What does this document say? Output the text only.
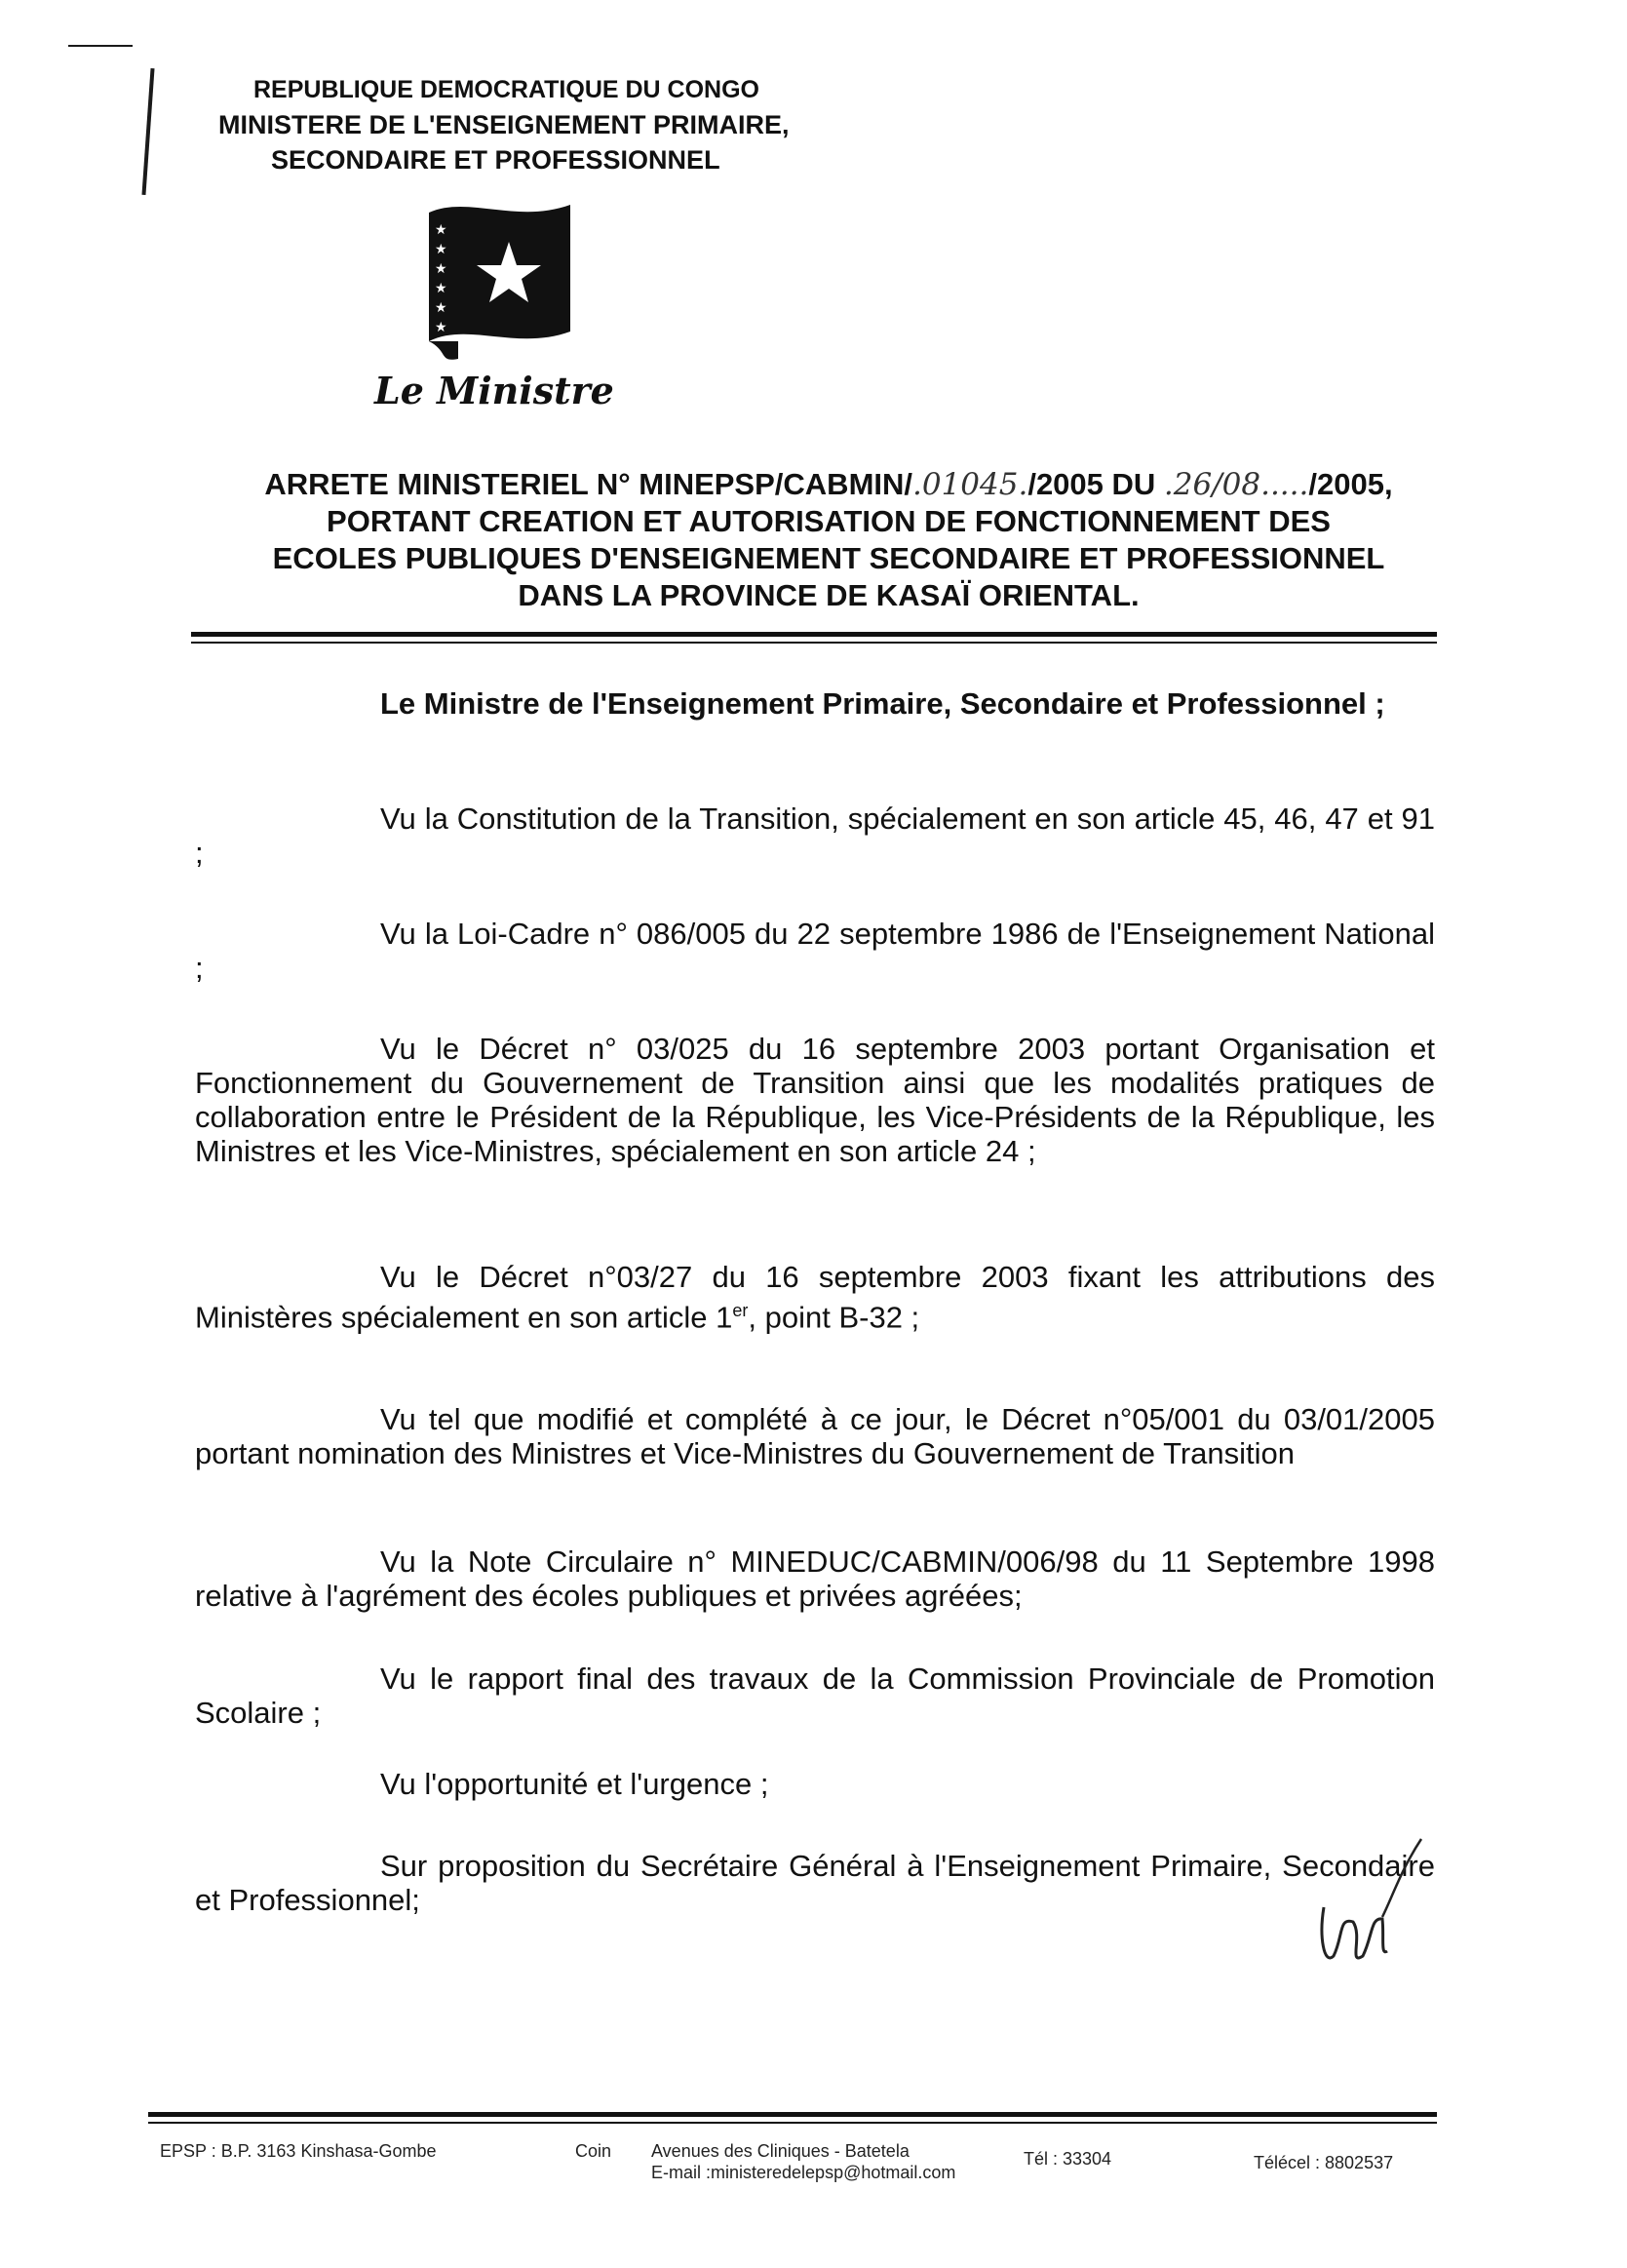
REPUBLIQUE DEMOCRATIQUE DU CONGO
MINISTERE DE L'ENSEIGNEMENT PRIMAIRE,
SECONDAIRE ET PROFESSIONNEL
★
★
★
★
★
★
Le Ministre
ARRETE MINISTERIEL N° MINEPSP/CABMIN/.01045./2005 DU .26/08...../2005,
PORTANT CREATION ET AUTORISATION DE FONCTIONNEMENT DES
ECOLES PUBLIQUES D'ENSEIGNEMENT SECONDAIRE ET PROFESSIONNEL
DANS LA PROVINCE DE KASAÏ ORIENTAL.

Le Ministre de l'Enseignement Primaire, Secondaire et Professionnel ;

Vu la Constitution de la Transition, spécialement en son article 45, 46, 47 et 91 ;

Vu la Loi-Cadre n° 086/005 du 22 septembre 1986 de l'Enseignement National ;

Vu le Décret n° 03/025 du 16 septembre 2003 portant Organisation et Fonctionnement du Gouvernement de Transition ainsi que les modalités pratiques de collaboration entre le Président de la République, les Vice-Présidents de la République, les Ministres et les Vice-Ministres, spécialement en son article 24 ;

Vu le Décret n°03/27 du 16 septembre 2003 fixant les attributions des Ministères spécialement en son article 1er, point B-32 ;

Vu tel que modifié et complété à ce jour, le Décret n°05/001 du 03/01/2005 portant nomination des Ministres et Vice-Ministres du Gouvernement de Transition

Vu la Note Circulaire n° MINEDUC/CABMIN/006/98 du 11 Septembre 1998 relative à l'agrément des écoles publiques et privées agréées;

Vu le rapport final des travaux de la Commission Provinciale de Promotion Scolaire ;

Vu l'opportunité et l'urgence ;

Sur proposition du Secrétaire Général à l'Enseignement Primaire, Secondaire et Professionnel;

EPSP : B.P. 3163 Kinshasa-Gombe	Coin Avenues des Cliniques - Batetela
E-mail :ministeredelepsp@hotmail.com
Tél : 33304	Télécel : 8802537
